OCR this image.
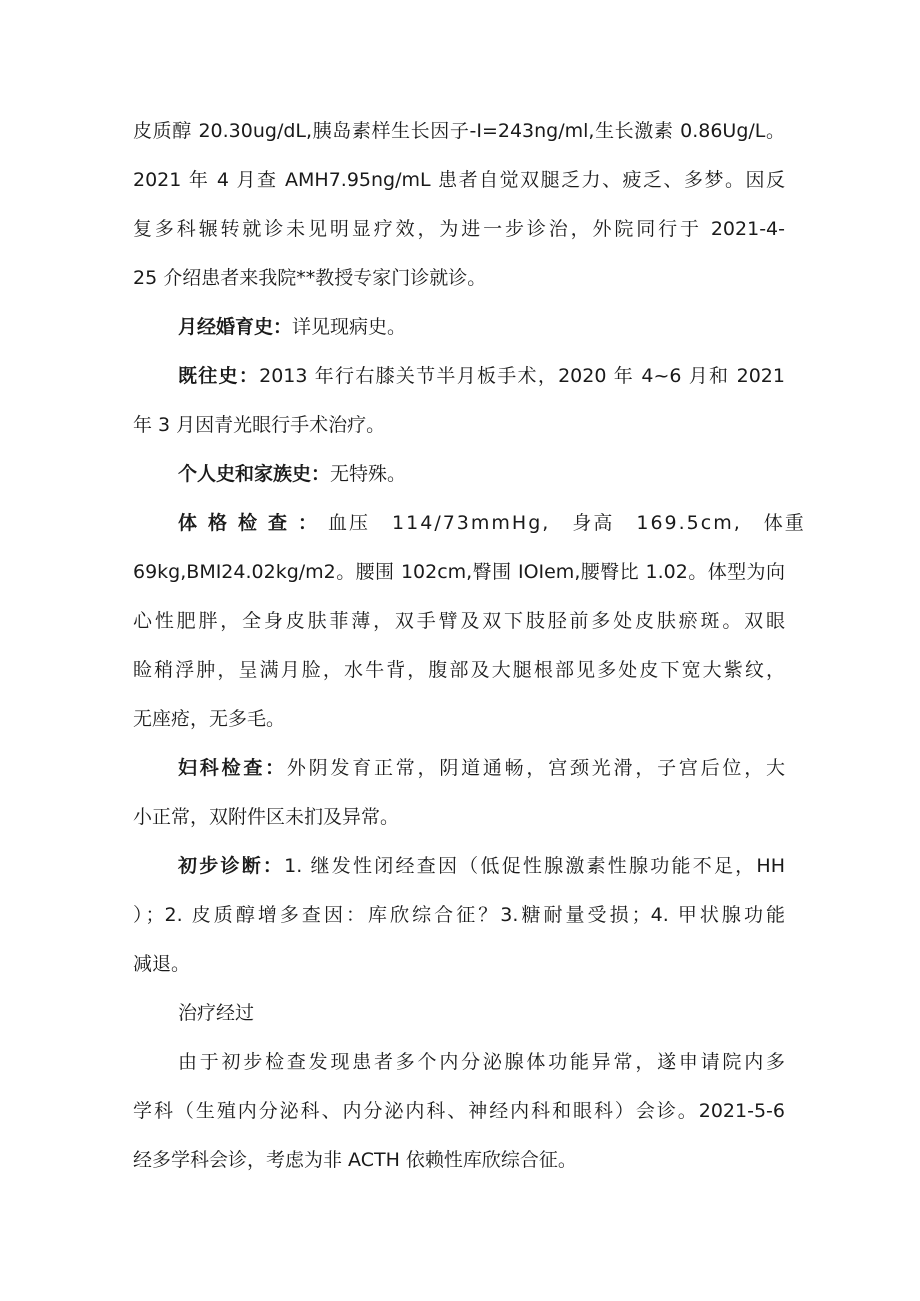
皮质醇 20.30ug/dL,胰岛素样生长因子-I=243ng/ml,生长激素 0.86Ug/L。
2021 年 4 月查 AMH7.95ng/mL 患者自觉双腿乏力、疲乏、多梦。因反
复多科辗转就诊未见明显疗效，为进一步诊治，外院同行于 2021-4-
25 介绍患者来我院**教授专家门诊就诊。
月经婚育史：详见现病史。
既往史：2013 年行右膝关节半月板手术，2020 年 4~6 月和 2021
年 3 月因青光眼行手术治疗。
个人史和家族史：无特殊。
体格检查： 血压 114/73mmHg, 身高 169.5cm, 体重
69kg,BMI24.02kg/m2。腰围 102cm,臀围 IOIem,腰臀比 1.02。体型为向
心性肥胖，全身皮肤菲薄，双手臂及双下肢胫前多处皮肤瘀斑。双眼
睑稍浮肿，呈满月脸，水牛背，腹部及大腿根部见多处皮下宽大紫纹，
无座疮，无多毛。
妇科检查：外阴发育正常，阴道通畅，宫颈光滑，子宫后位，大
小正常，双附件区未扪及异常。
初步诊断：1. 继发性闭经查因（低促性腺激素性腺功能不足，HH
）；2. 皮质醇增多查因：库欣综合征？3.糖耐量受损；4. 甲状腺功能
减退。
治疗经过
由于初步检查发现患者多个内分泌腺体功能异常，遂申请院内多
学科（生殖内分泌科、内分泌内科、神经内科和眼科）会诊。2021-5-6
经多学科会诊，考虑为非 ACTH 依赖性库欣综合征。
